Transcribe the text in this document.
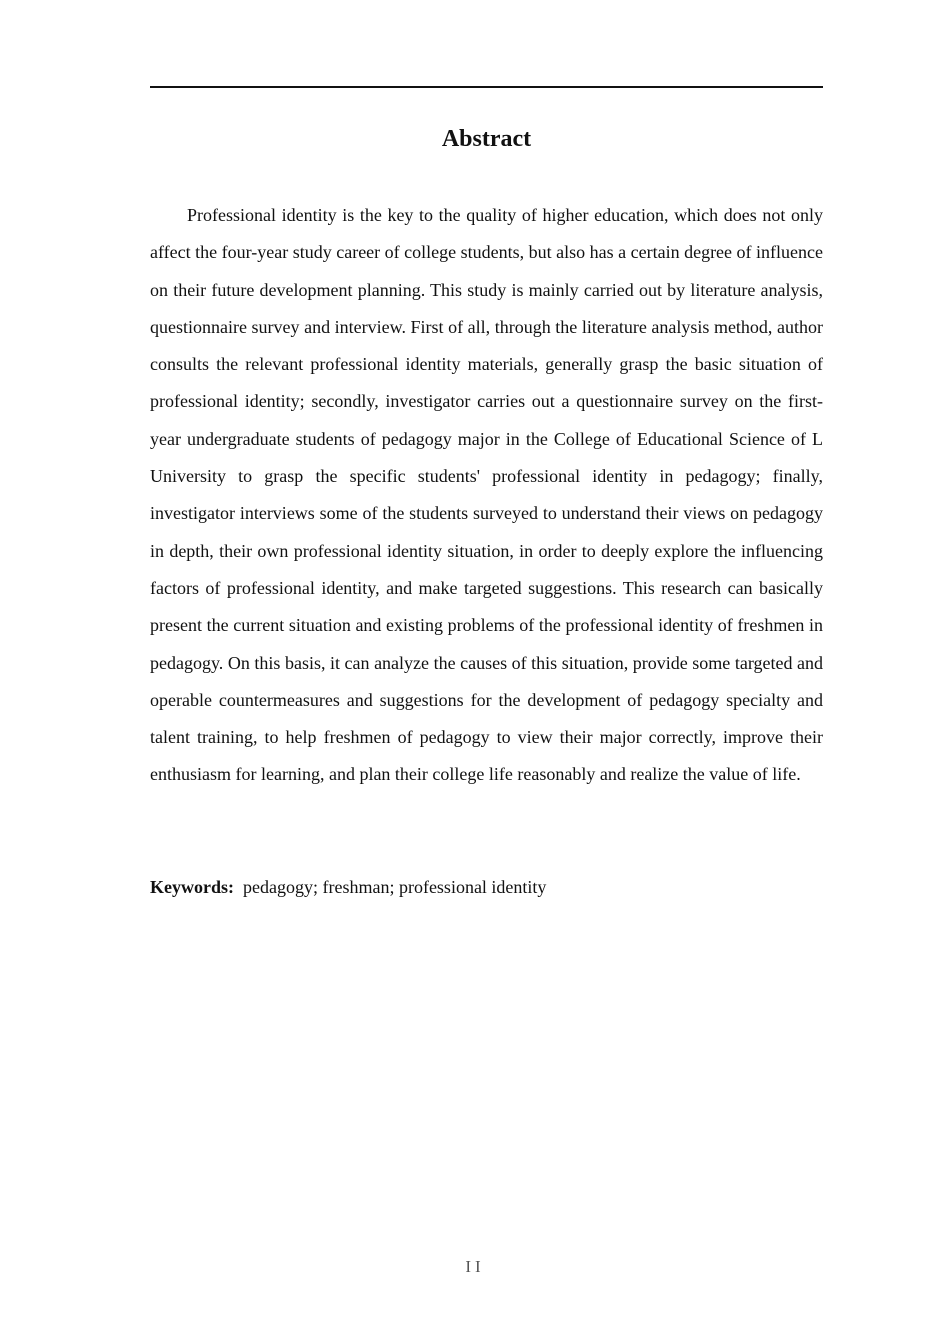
Abstract

Professional identity is the key to the quality of higher education, which does not only affect the four-year study career of college students, but also has a certain degree of influence on their future development planning. This study is mainly carried out by literature analysis, questionnaire survey and interview. First of all, through the literature analysis method, author consults the relevant professional identity materials, generally grasp the basic situation of professional identity; secondly, investigator carries out a questionnaire survey on the first-year undergraduate students of pedagogy major in the College of Educational Science of L University to grasp the specific students' professional identity in pedagogy; finally, investigator interviews some of the students surveyed to understand their views on pedagogy in depth, their own professional identity situation, in order to deeply explore the influencing factors of professional identity, and make targeted suggestions. This research can basically present the current situation and existing problems of the professional identity of freshmen in pedagogy. On this basis, it can analyze the causes of this situation, provide some targeted and operable countermeasures and suggestions for the development of pedagogy specialty and talent training, to help freshmen of pedagogy to view their major correctly, improve their enthusiasm for learning, and plan their college life reasonably and realize the value of life.

Keywords: pedagogy; freshman; professional identity

II
